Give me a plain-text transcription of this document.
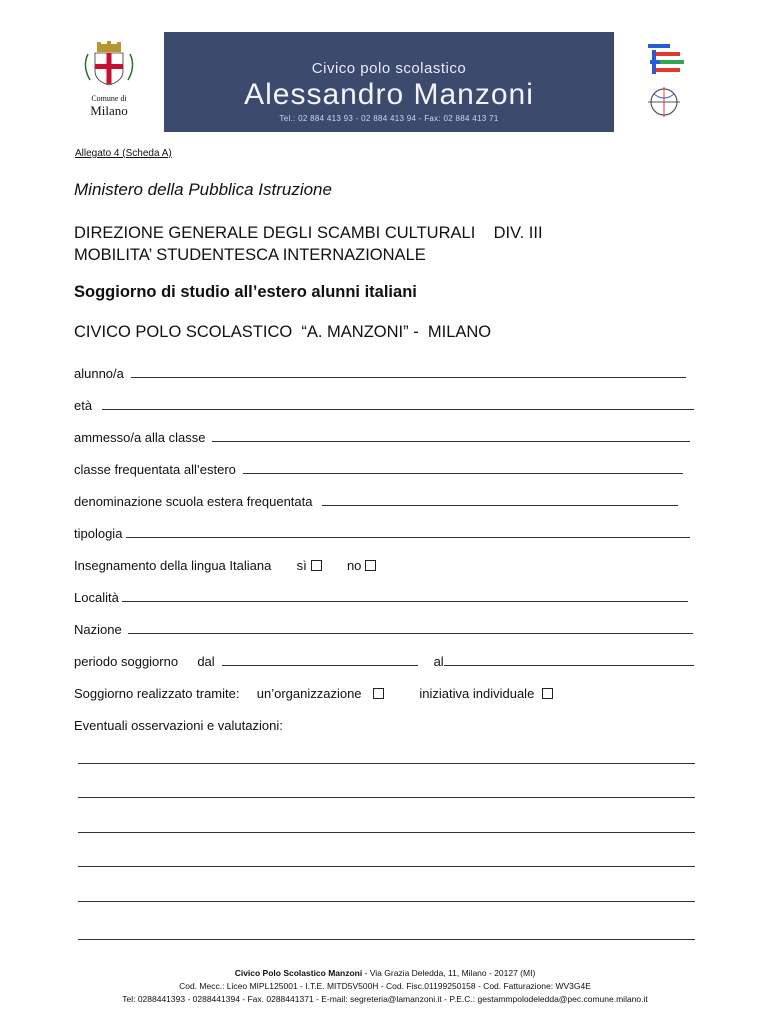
Comune di
Milano
Civico polo scolastico
Alessandro Manzoni
Tel.: 02 884 413 93 - 02 884 413 94 - Fax: 02 884 413 71
Allegato 4 (Scheda A)
Ministero della Pubblica Istruzione
DIREZIONE GENERALE DEGLI SCAMBI CULTURALI    DIV. III
MOBILITA’ STUDENTESCA INTERNAZIONALE
Soggiorno di studio all’estero alunni italiani
CIVICO POLO SCOLASTICO  “A. MANZONI” -  MILANO
alunno/a
età
ammesso/a alla classe
classe frequentata all’estero
denominazione scuola estera frequentata
tipologia
Insegnamento della lingua Italiana sì	no
Località
Nazione
periodo soggiorno dal	al
Soggiorno realizzato tramite: un’organizzazione	iniziativa individuale
Eventuali osservazioni e valutazioni:
Civico Polo Scolastico Manzoni - Via Grazia Deledda, 11, Milano - 20127 (MI)
Cod. Mecc.: Liceo MIPL125001 - I.T.E. MITD5V500H - Cod. Fisc.01199250158 - Cod. Fatturazione: WV3G4E
Tel: 0288441393 - 0288441394 - Fax. 0288441371 - E-mail: segreteria@lamanzoni.it - P.E.C.: gestammpolodeledda@pec.comune.milano.it
